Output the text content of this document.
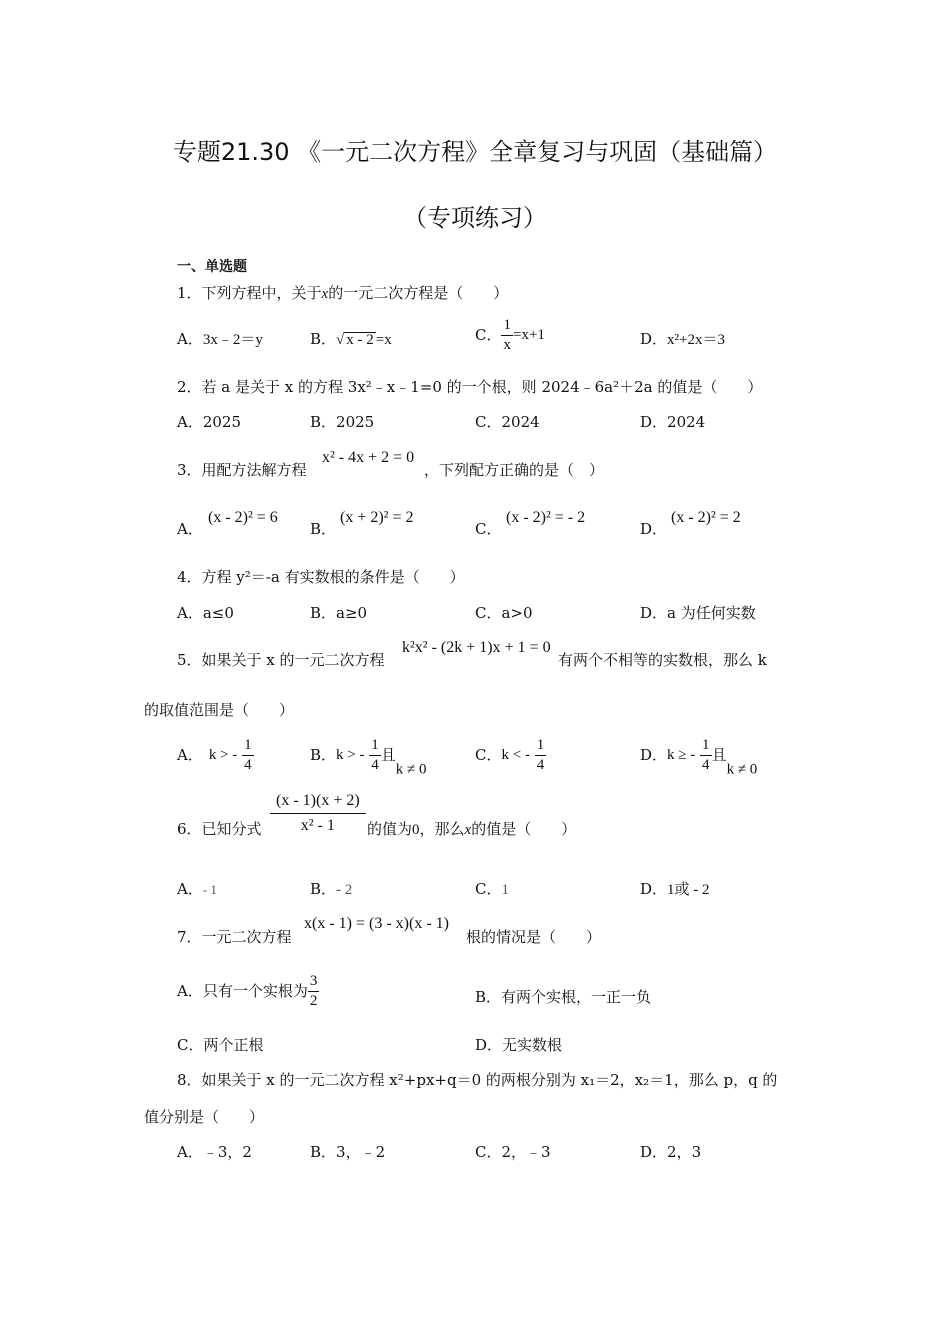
专题21.30 《一元二次方程》全章复习与巩固（基础篇）
（专项练习）
一、单选题
1．下列方程中，关于x的一元二次方程是（　　）
A．3x﹣2＝y	B．√ x - 2 =x	C． $\frac{1}{x} =x+1$	D．x²+2x＝3
2．若 a 是关于 x 的方程 3x²﹣x﹣1=0 的一个根，则 2024﹣6a²＋2a 的值是（　　）
A．2025	B．2025	C．2024	D．2024
3．用配方法解方程
x² - 4x + 2 = 0
，下列配方正确的是（　）
A．
(x - 2)² = 6
B．
(x + 2)² = 2
C．
(x - 2)² = - 2
D．
(x - 2)² = 2
4．方程 y²＝-a 有实数根的条件是（　　）
A．a≤0	B．a≥0	C．a>0	D．a 为任何实数
5．如果关于 x 的一元二次方程
k²x² - (2k + 1)x + 1 = 0
有两个不相等的实数根，那么 k
的取值范围是（　　）
A． k > - $\frac{1}{4}$	B．k > - $\frac{1}{4}$ 且k ≠ 0
C．k < - $\frac{1}{4}$	D．k ≥ - $\frac{1}{4}$ 且k ≠ 0
6．已知分式 $\frac{(x - 1)(x + 2)}{\text{x² - 1}}$ 的值为0，那么x的值是（　　）
A．- 1	B．- 2	C．1	D．1或 - 2
7．一元二次方程
x(x - 1) = (3 - x)(x - 1)
根的情况是（　　）
A．只有一个实根为 $\frac{3}{2}$	B．有两个实根，一正一负
C．两个正根	D．无实数根
8．如果关于 x 的一元二次方程 x²+px+q＝0 的两根分别为 x₁＝2，x₂＝1，那么 p，q 的
值分别是（　　）
A．﹣3，2	B．3，﹣2	C．2，﹣3	D．2，3
